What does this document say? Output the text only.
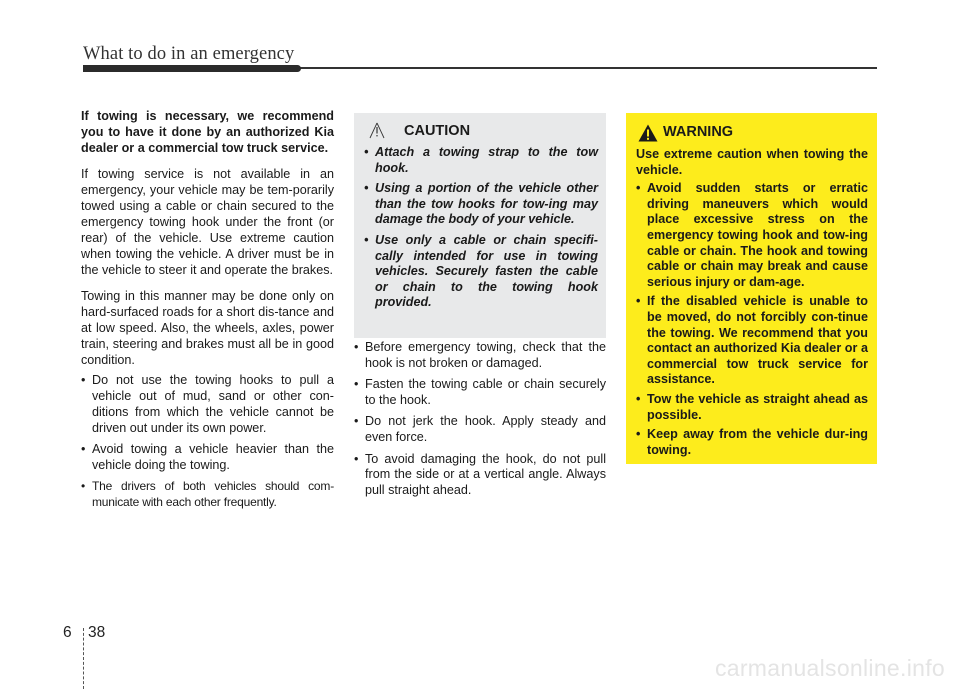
What to do in an emergency

If towing is necessary, we recommend you to have it done by an authorized Kia dealer or a commercial tow truck service.

If towing service is not available in an emergency, your vehicle may be tem-porarily towed using a cable or chain secured to the emergency towing hook under the front (or rear) of the vehicle. Use extreme caution when towing the vehicle. A driver must be in the vehicle to steer it and operate the brakes.

Towing in this manner may be done only on hard-surfaced roads for a short dis-tance and at low speed. Also, the wheels, axles, power train, steering and brakes must all be in good condition.

• Do not use the towing hooks to pull a vehicle out of mud, sand or other con-ditions from which the vehicle cannot be driven out under its own power.
• Avoid towing a vehicle heavier than the vehicle doing the towing.
• The drivers of both vehicles should com-municate with each other frequently.
CAUTION
• Attach a towing strap to the tow hook.
• Using a portion of the vehicle other than the tow hooks for tow-ing may damage the body of your vehicle.
• Use only a cable or chain specifi-cally intended for use in towing vehicles. Securely fasten the cable or chain to the towing hook provided.
• Before emergency towing, check that the hook is not broken or damaged.
• Fasten the towing cable or chain securely to the hook.
• Do not jerk the hook. Apply steady and even force.
• To avoid damaging the hook, do not pull from the side or at a vertical angle. Always pull straight ahead.
WARNING

Use extreme caution when towing the vehicle.

• Avoid sudden starts or erratic driving maneuvers which would place excessive stress on the emergency towing hook and tow-ing cable or chain. The hook and towing cable or chain may break and cause serious injury or dam-age.
• If the disabled vehicle is unable to be moved, do not forcibly con-tinue the towing. We recommend that you contact an authorized Kia dealer or a commercial tow truck service for assistance.
• Tow the vehicle as straight ahead as possible.
• Keep away from the vehicle dur-ing towing.
6 38
carmanualsonline.info
